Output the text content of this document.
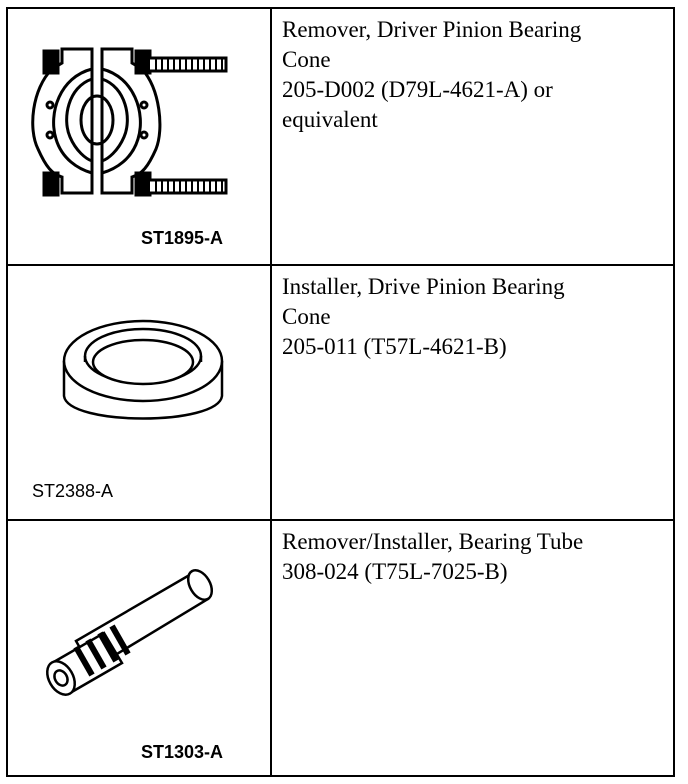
ST1895-A	Remover, Driver Pinion Bearing
Cone
205-D002 (D79L-4621-A) or
equivalent

ST2388-A	Installer, Drive Pinion Bearing
Cone
205-011 (T57L-4621-B)

ST1303-A	Remover/Installer, Bearing Tube
308-024 (T75L-7025-B)
